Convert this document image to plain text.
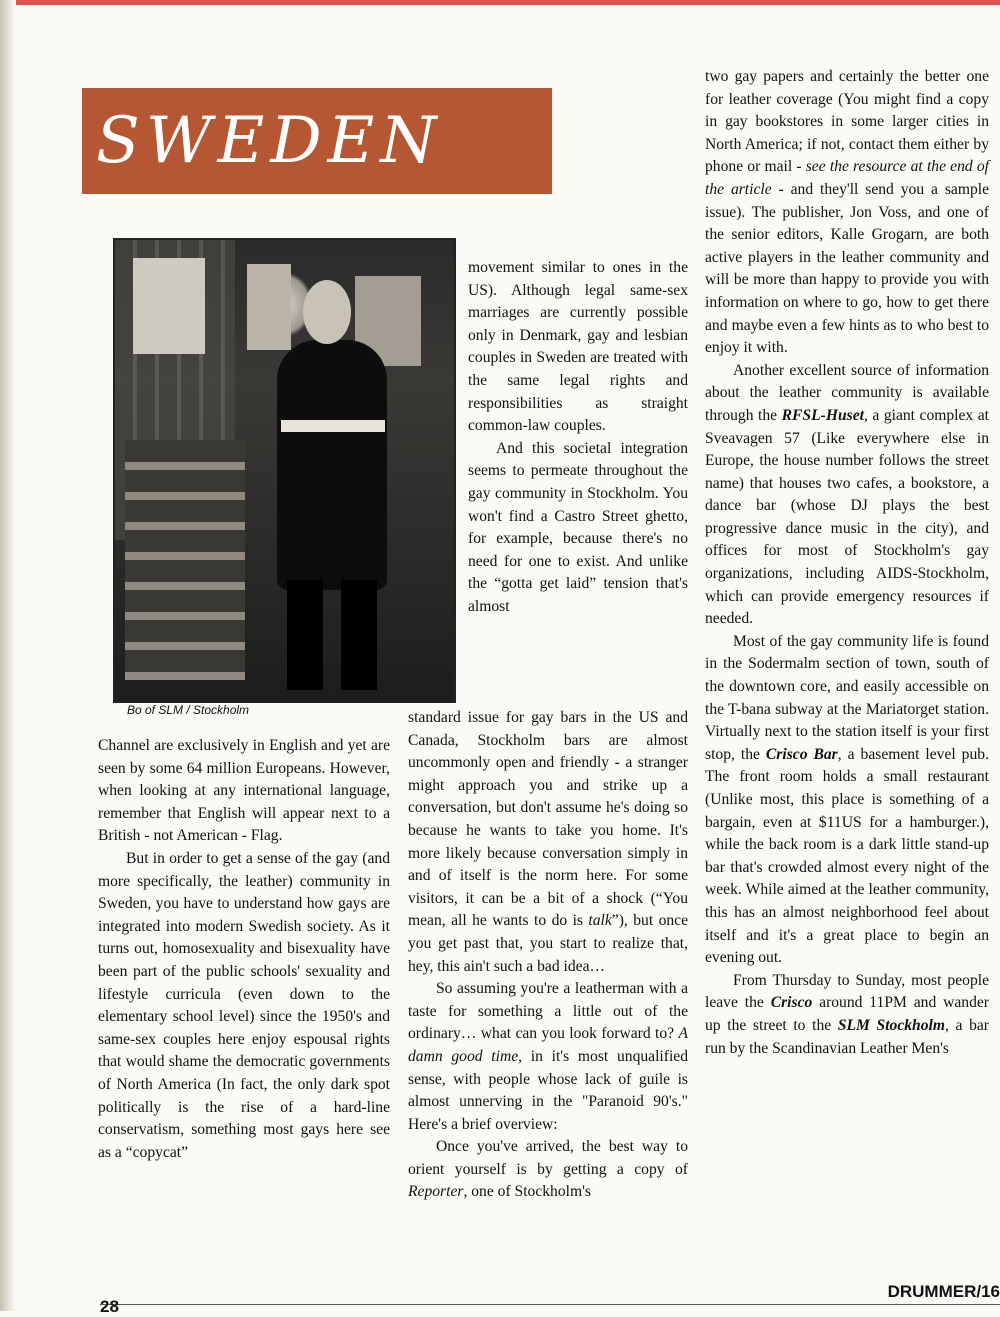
SWEDEN
Bo of SLM / Stockholm

Channel are exclusively in English and yet are seen by some 64 million Europeans. However, when looking at any international language, remember that English will appear next to a British - not American - Flag.

But in order to get a sense of the gay (and more specifically, the leather) community in Sweden, you have to understand how gays are integrated into modern Swedish society. As it turns out, homosexuality and bisexuality have been part of the public schools' sexuality and lifestyle curricula (even down to the elementary school level) since the 1950's and same-sex couples here enjoy espousal rights that would shame the democratic governments of North America (In fact, the only dark spot politically is the rise of a hard-line conservatism, something most gays here see as a “copycat”

movement similar to ones in the US). Although legal same-sex marriages are currently possible only in Denmark, gay and lesbian couples in Sweden are treated with the same legal rights and responsibilities as straight common-law couples.

And this societal integration seems to permeate throughout the gay community in Stockholm. You won't find a Castro Street ghetto, for example, because there's no need for one to exist. And unlike the “gotta get laid” tension that's almost

standard issue for gay bars in the US and Canada, Stockholm bars are almost uncommonly open and friendly - a stranger might approach you and strike up a conversation, but don't assume he's doing so because he wants to take you home. It's more likely because conversation simply in and of itself is the norm here. For some visitors, it can be a bit of a shock (“You mean, all he wants to do is talk”), but once you get past that, you start to realize that, hey, this ain't such a bad idea…

So assuming you're a leatherman with a taste for something a little out of the ordinary… what can you look forward to? A damn good time, in it's most unqualified sense, with people whose lack of guile is almost unnerving in the "Paranoid 90's." Here's a brief overview:

Once you've arrived, the best way to orient yourself is by getting a copy of Reporter, one of Stockholm's

two gay papers and certainly the better one for leather coverage (You might find a copy in gay bookstores in some larger cities in North America; if not, contact them either by phone or mail - see the resource at the end of the article - and they'll send you a sample issue). The publisher, Jon Voss, and one of the senior editors, Kalle Grogarn, are both active players in the leather community and will be more than happy to provide you with information on where to go, how to get there and maybe even a few hints as to who best to enjoy it with.

Another excellent source of information about the leather community is available through the RFSL-Huset, a giant complex at Sveavagen 57 (Like everywhere else in Europe, the house number follows the street name) that houses two cafes, a bookstore, a dance bar (whose DJ plays the best progressive dance music in the city), and offices for most of Stockholm's gay organizations, including AIDS-Stockholm, which can provide emergency resources if needed.

Most of the gay community life is found in the Sodermalm section of town, south of the downtown core, and easily accessible on the T-bana subway at the Mariatorget station. Virtually next to the station itself is your first stop, the Crisco Bar, a basement level pub. The front room holds a small restaurant (Unlike most, this place is something of a bargain, even at $11US for a hamburger.), while the back room is a dark little stand-up bar that's crowded almost every night of the week. While aimed at the leather community, this has an almost neighborhood feel about itself and it's a great place to begin an evening out.

From Thursday to Sunday, most people leave the Crisco around 11PM and wander up the street to the SLM Stockholm, a bar run by the Scandinavian Leather Men's

28
DRUMMER/16
